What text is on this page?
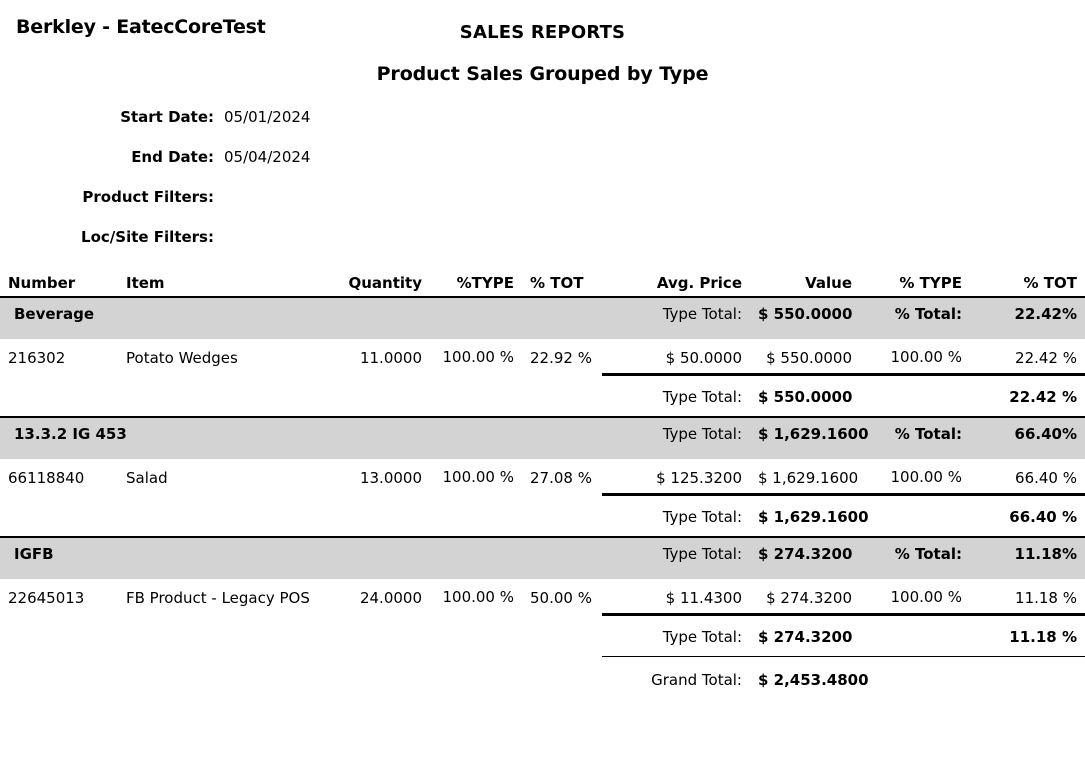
Berkley - EatecCoreTest	SALES REPORTS
Product Sales Grouped by Type
Start Date: 05/01/2024
End Date: 05/04/2024
Product Filters:
Loc/Site Filters:
Number	Item	Quantity	%TYPE	% TOT	Avg. Price	Value	% TYPE	% TOT
Beverage				Type Total:		$ 550.0000	% Total:	22.42%
216302	Potato Wedges	11.0000	100.00 %	22.92 %	$ 50.0000	$ 550.0000	100.00 %	22.42 %
				Type Total:		$ 550.0000		22.42 %

13.3.2 IG 453				Type Total:		$ 1,629.1600	% Total:	66.40%
66118840	Salad	13.0000	100.00 %	27.08 %	$ 125.3200	$ 1,629.1600	100.00 %	66.40 %
				Type Total:		$ 1,629.1600		66.40 %

IGFB				Type Total:		$ 274.3200	% Total:	11.18%
22645013	FB Product - Legacy POS	24.0000	100.00 %	50.00 %	$ 11.4300	$ 274.3200	100.00 %	11.18 %
				Type Total:		$ 274.3200		11.18 %

				Grand Total:		$ 2,453.4800		
